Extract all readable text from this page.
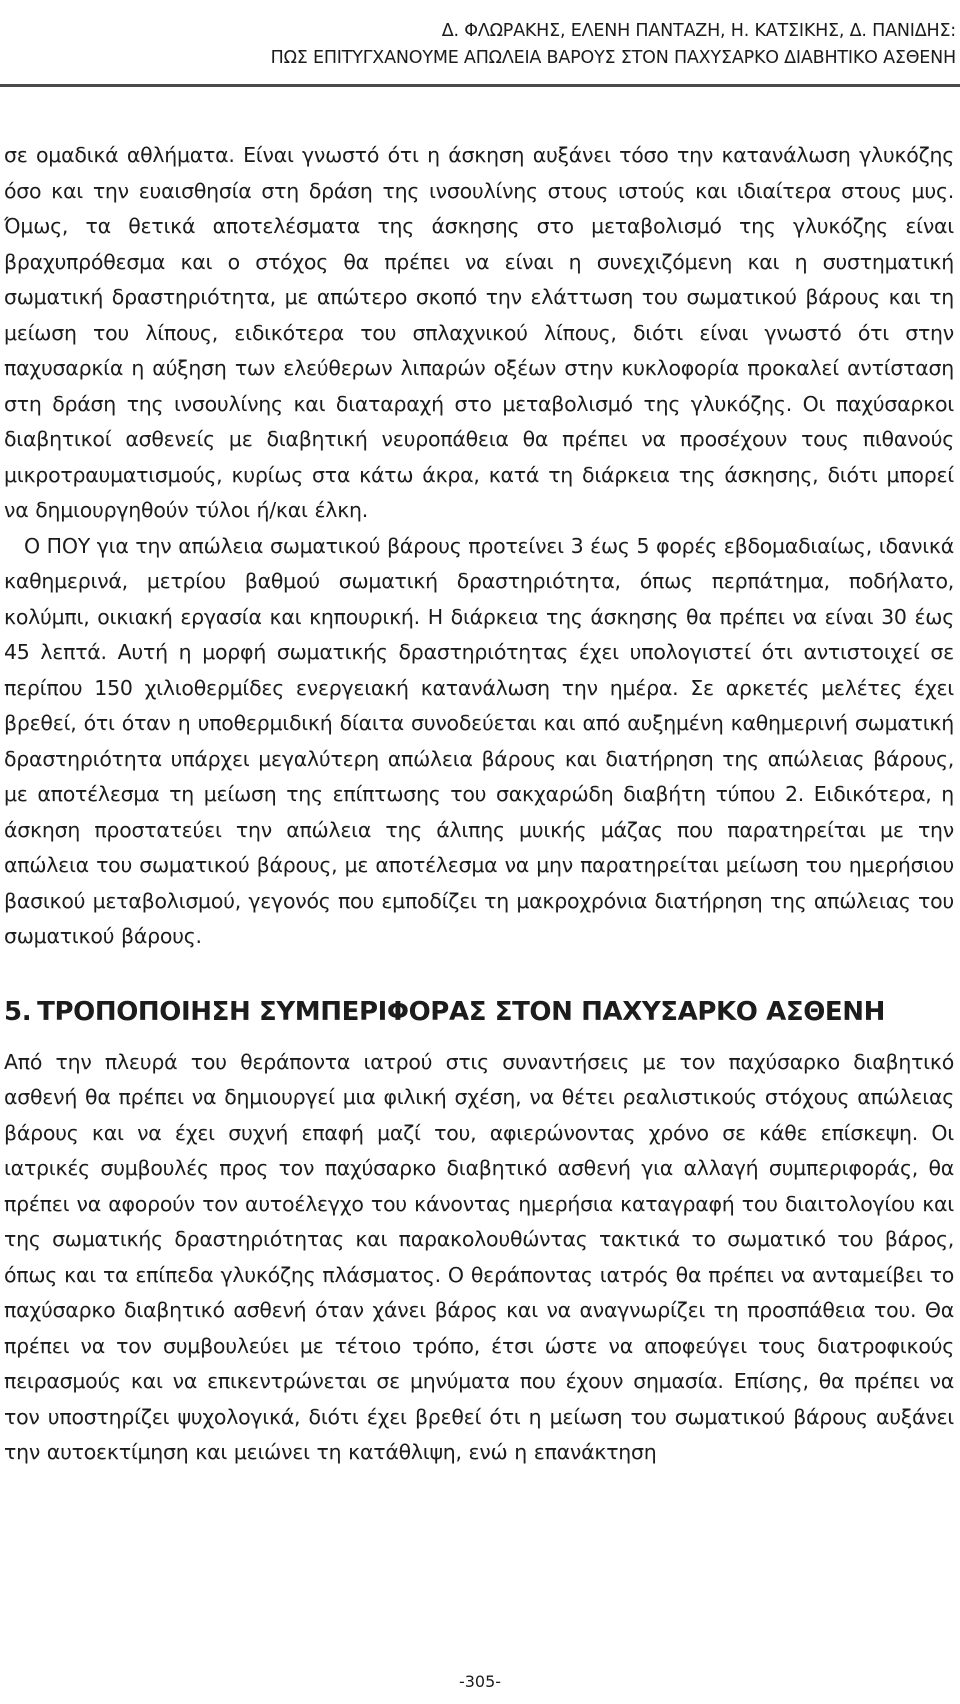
Δ. ΦΛΩΡΑΚΗΣ, ΕΛΕΝΗ ΠΑΝΤΑΖΗ, Η. ΚΑΤΣΙΚΗΣ, Δ. ΠΑΝΙΔΗΣ:
ΠΩΣ ΕΠΙΤΥΓΧΑΝΟΥΜΕ ΑΠΩΛΕΙΑ ΒΑΡΟΥΣ ΣΤΟΝ ΠΑΧΥΣΑΡΚΟ ΔΙΑΒΗΤΙΚΟ ΑΣΘΕΝΗ

σε ομαδικά αθλήματα. Είναι γνωστό ότι η άσκηση αυξάνει τόσο την κατανάλωση γλυκόζης όσο και την ευαισθησία στη δράση της ινσουλίνης στους ιστούς και ιδιαίτερα στους μυς. Όμως, τα θετικά αποτελέσματα της άσκησης στο μεταβολισμό της γλυκόζης είναι βραχυπρόθεσμα και ο στόχος θα πρέπει να είναι η συνεχιζόμενη και η συστηματική σωματική δραστηριότητα, με απώτερο σκοπό την ελάττωση του σωματικού βάρους και τη μείωση του λίπους, ειδικότερα του σπλαχνικού λίπους, διότι είναι γνωστό ότι στην παχυσαρκία η αύξηση των ελεύθερων λιπαρών οξέων στην κυκλοφορία προκαλεί αντίσταση στη δράση της ινσουλίνης και διαταραχή στο μεταβολισμό της γλυκόζης. Οι παχύσαρκοι διαβητικοί ασθενείς με διαβητική νευροπάθεια θα πρέπει να προσέχουν τους πιθανούς μικροτραυματισμούς, κυρίως στα κάτω άκρα, κατά τη διάρκεια της άσκησης, διότι μπορεί να δημιουργηθούν τύλοι ή/και έλκη.

Ο ΠΟΥ για την απώλεια σωματικού βάρους προτείνει 3 έως 5 φορές εβδομαδιαίως, ιδανικά καθημερινά, μετρίου βαθμού σωματική δραστηριότητα, όπως περπάτημα, ποδήλατο, κολύμπι, οικιακή εργασία και κηπουρική. Η διάρκεια της άσκησης θα πρέπει να είναι 30 έως 45 λεπτά. Αυτή η μορφή σωματικής δραστηριότητας έχει υπολογιστεί ότι αντιστοιχεί σε περίπου 150 χιλιοθερμίδες ενεργειακή κατανάλωση την ημέρα. Σε αρκετές μελέτες έχει βρεθεί, ότι όταν η υποθερμιδική δίαιτα συνοδεύεται και από αυξημένη καθημερινή σωματική δραστηριότητα υπάρχει μεγαλύτερη απώλεια βάρους και διατήρηση της απώλειας βάρους, με αποτέλεσμα τη μείωση της επίπτωσης του σακχαρώδη διαβήτη τύπου 2. Ειδικότερα, η άσκηση προστατεύει την απώλεια της άλιπης μυικής μάζας που παρατηρείται με την απώλεια του σωματικού βάρους, με αποτέλεσμα να μην παρατηρείται μείωση του ημερήσιου βασικού μεταβολισμού, γεγονός που εμποδίζει τη μακροχρόνια διατήρηση της απώλειας του σωματικού βάρους.

5. ΤΡΟΠΟΠΟΙΗΣΗ ΣΥΜΠΕΡΙΦΟΡΑΣ ΣΤΟΝ ΠΑΧΥΣΑΡΚΟ ΑΣΘΕΝΗ

Από την πλευρά του θεράποντα ιατρού στις συναντήσεις με τον παχύσαρκο διαβητικό ασθενή θα πρέπει να δημιουργεί μια φιλική σχέση, να θέτει ρεαλιστικούς στόχους απώλειας βάρους και να έχει συχνή επαφή μαζί του, αφιερώνοντας χρόνο σε κάθε επίσκεψη. Οι ιατρικές συμβουλές προς τον παχύσαρκο διαβητικό ασθενή για αλλαγή συμπεριφοράς, θα πρέπει να αφορούν τον αυτοέλεγχο του κάνοντας ημερήσια καταγραφή του διαιτολογίου και της σωματικής δραστηριότητας και παρακολουθώντας τακτικά το σωματικό του βάρος, όπως και τα επίπεδα γλυκόζης πλάσματος. Ο θεράποντας ιατρός θα πρέπει να ανταμείβει το παχύσαρκο διαβητικό ασθενή όταν χάνει βάρος και να αναγνωρίζει τη προσπάθεια του. Θα πρέπει να τον συμβουλεύει με τέτοιο τρόπο, έτσι ώστε να αποφεύγει τους διατροφικούς πειρασμούς και να επικεντρώνεται σε μηνύματα που έχουν σημασία. Επίσης, θα πρέπει να τον υποστηρίζει ψυχολογικά, διότι έχει βρεθεί ότι η μείωση του σωματικού βάρους αυξάνει την αυτοεκτίμηση και μειώνει τη κατάθλιψη, ενώ η επανάκτηση

-305-
